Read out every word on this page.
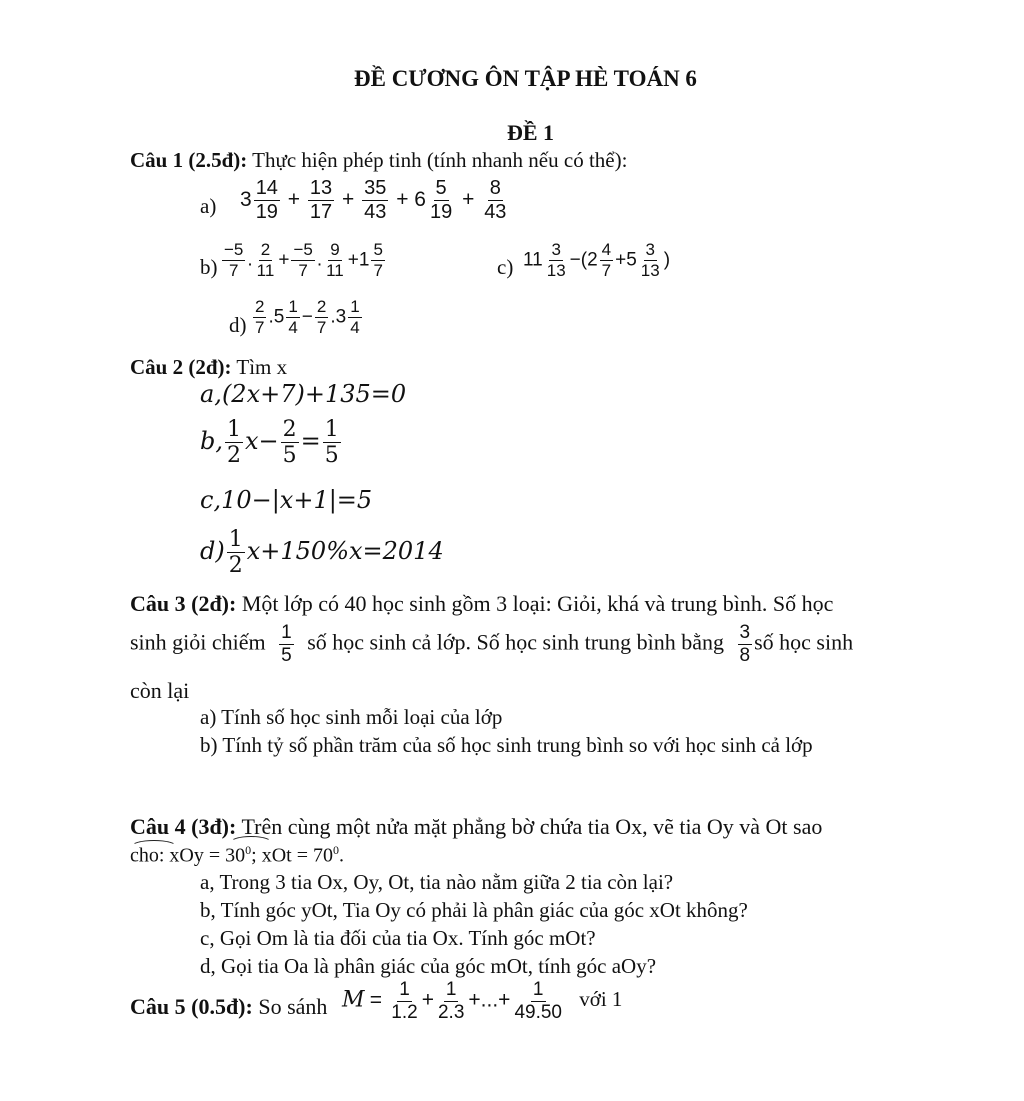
ĐỀ CƯƠNG ÔN TẬP HÈ TOÁN 6
ĐỀ 1
Câu 1 (2.5đ): Thực hiện phép tinh (tính nhanh nếu có thể):
a) $3 \frac{14}{19} + \frac{13}{17} + \frac{35}{43} + 6 \frac{5}{19} + \frac{8}{43}$
$b) \frac{-5}{7}$ . $\frac{2}{11} + \frac{-5}{7}$ . $\frac{9}{11} +1 \frac{5}{7}$	c) $11 \frac{3}{13} -(2 \frac{4}{7} +5 \frac{3}{13}$ )
$d) \frac{2}{7} .5 \frac{1}{4} - \frac{2}{7} .3 \frac{1}{4}$
Câu 2 (2đ): Tìm x
a,(2x+7)+135=0
b, $\frac{1}{2} x- \frac{2}{5} = \frac{1}{5}$
c,10−|x+1|=5
$d) \frac{1}{2} x+150\%x=2014$
Câu 3 (2đ): Một lớp có 40 học sinh gồm 3 loại: Giỏi, khá và trung bình. Số học
sinh giỏi chiếm $\frac{1}{5}$ số học sinh cả lớp. Số học sinh trung bình bằng $\frac{3}{8}$ số học sinh
còn lại
a) Tính số học sinh mỗi loại của lớp
b) Tính tỷ số phần trăm của số học sinh trung bình so với học sinh cả lớp
Câu 4 (3đ): Trên cùng một nửa mặt phẳng bờ chứa tia Ox, vẽ tia Oy và Ot sao
cho: xOy = $30^0$; xOt = $70^0$.
a, Trong 3 tia Ox, Oy, Ot, tia nào nằm giữa 2 tia còn lại?
b, Tính góc yOt, Tia Oy có phải là phân giác của góc xOt không?
c, Gọi Om là tia đối của tia Ox. Tính góc mOt?
d, Gọi tia Oa là phân giác của góc mOt, tính góc aOy?
Câu 5 (0.5đ): So sánh $M = \frac{1}{1.2} + \frac{1}{2.3}$ +...+ $\frac{1}{49.50}$ với 1
